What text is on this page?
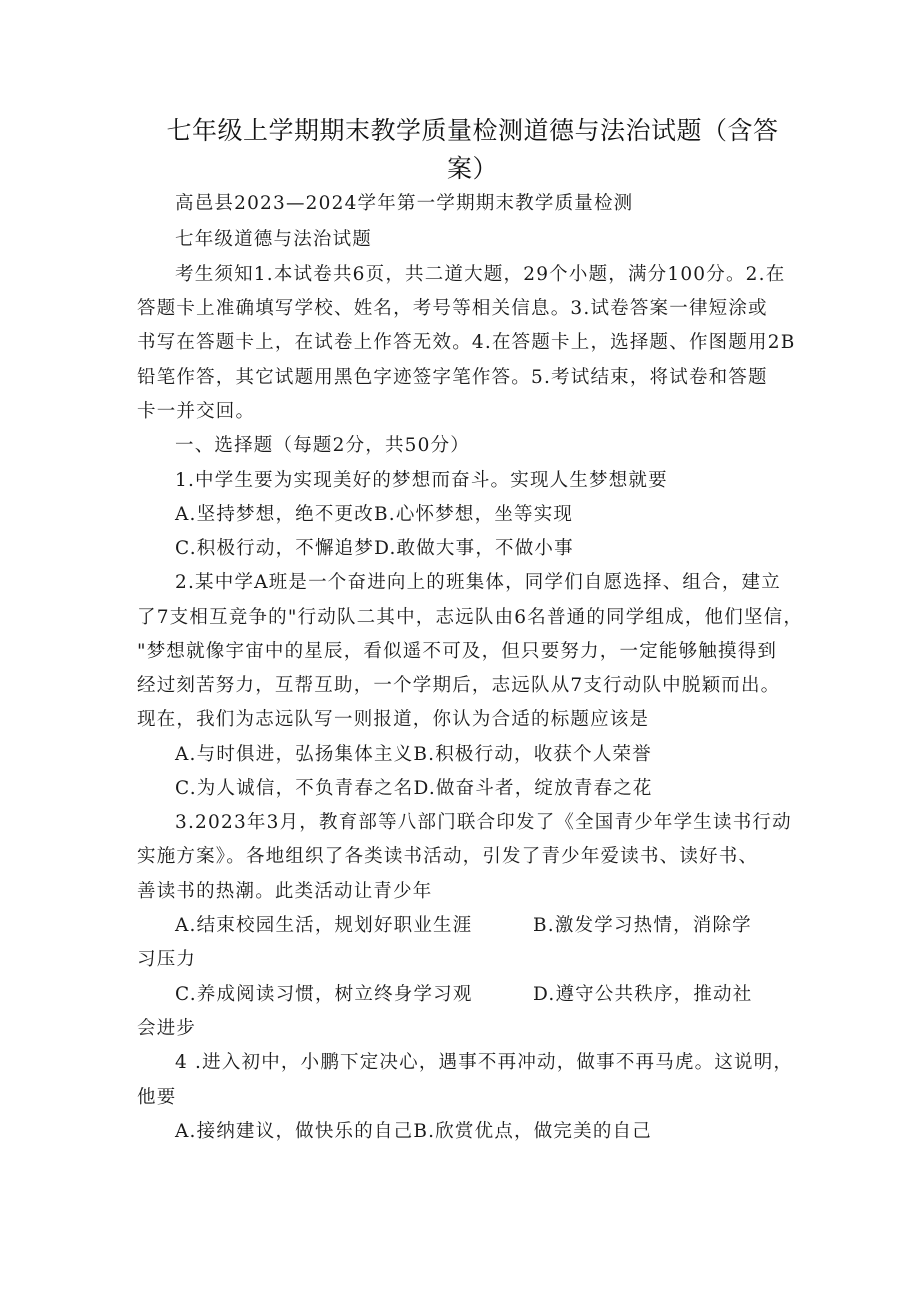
七年级上学期期末教学质量检测道德与法治试题（含答
案）
高邑县2023—2024学年第一学期期末教学质量检测
七年级道德与法治试题
考生须知1.本试卷共6页，共二道大题，29个小题，满分100分。2.在
答题卡上准确填写学校、姓名，考号等相关信息。3.试卷答案一律短涂或
书写在答题卡上，在试卷上作答无效。4.在答题卡上，选择题、作图题用2B
铅笔作答，其它试题用黑色字迹签字笔作答。5.考试结束，将试卷和答题
卡一并交回。
一、选择题（每题2分，共50分）
1.中学生要为实现美好的梦想而奋斗。实现人生梦想就要
A.坚持梦想，绝不更改B.心怀梦想，坐等实现
C.积极行动，不懈追梦D.敢做大事，不做小事
2.某中学A班是一个奋进向上的班集体，同学们自愿选择、组合，建立
了7支相互竞争的"行动队二其中，志远队由6名普通的同学组成，他们坚信，
"梦想就像宇宙中的星辰，看似遥不可及，但只要努力，一定能够触摸得到
经过刻苦努力，互帮互助，一个学期后，志远队从7支行动队中脱颖而出。
现在，我们为志远队写一则报道，你认为合适的标题应该是
A.与时俱进，弘扬集体主义B.积极行动，收获个人荣誉
C.为人诚信，不负青春之名D.做奋斗者，绽放青春之花
3.2023年3月，教育部等八部门联合印发了《全国青少年学生读书行动
实施方案》。各地组织了各类读书活动，引发了青少年爱读书、读好书、
善读书的热潮。此类活动让青少年
A.结束校园生活，规划好职业生涯	B.激发学习热情，消除学
习压力
C.养成阅读习惯，树立终身学习观	D.遵守公共秩序，推动社
会进步
4 .进入初中，小鹏下定决心，遇事不再冲动，做事不再马虎。这说明，
他要
A.接纳建议，做快乐的自己B.欣赏优点，做完美的自己
